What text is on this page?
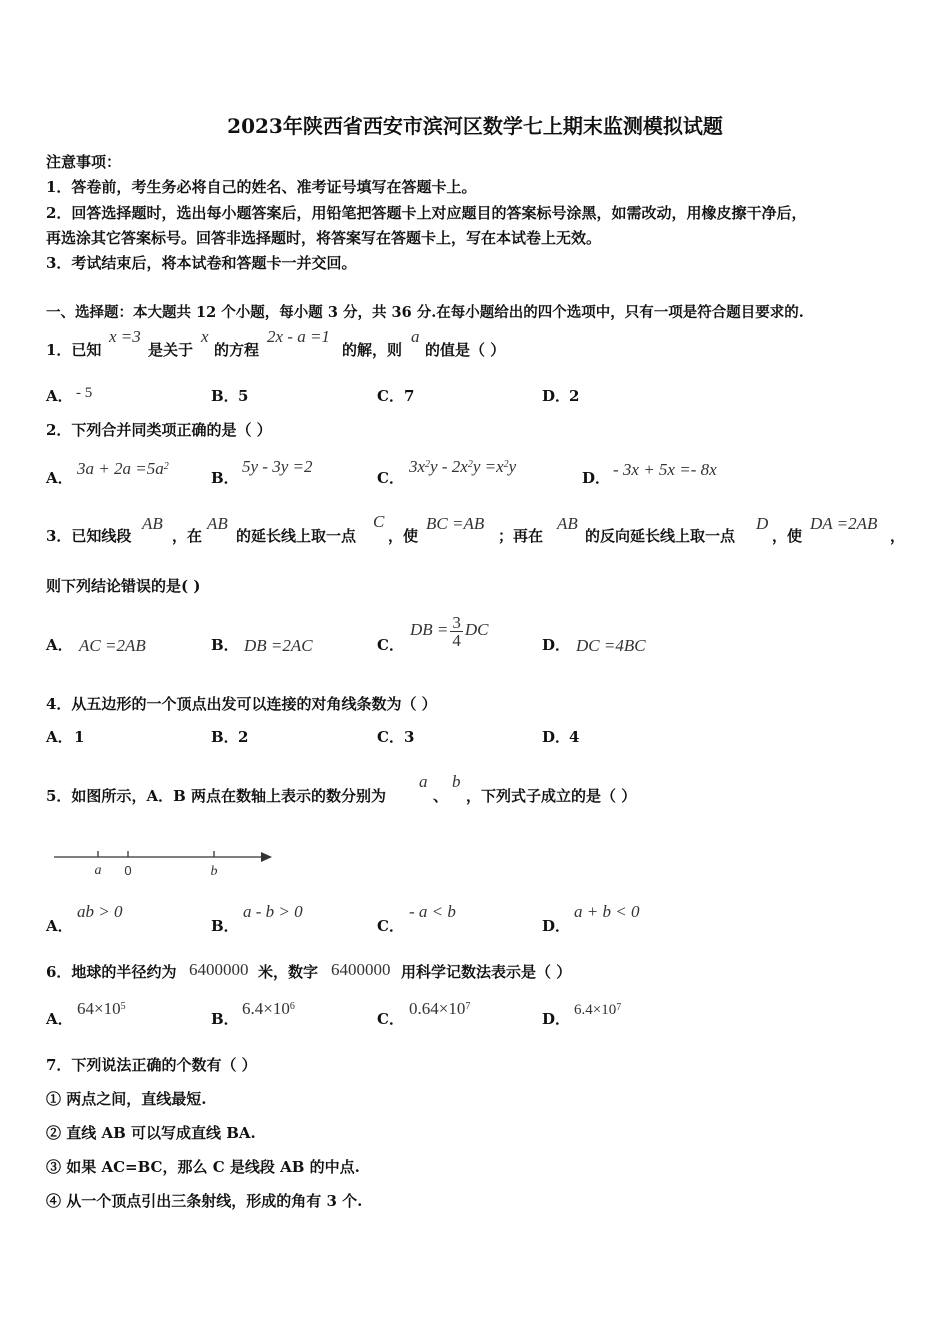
2023年陕西省西安市滨河区数学七上期末监测模拟试题
注意事项：
1．答卷前，考生务必将自己的姓名、准考证号填写在答题卡上。
2．回答选择题时，选出每小题答案后，用铅笔把答题卡上对应题目的答案标号涂黑，如需改动，用橡皮擦干净后，
再选涂其它答案标号。回答非选择题时，将答案写在答题卡上，写在本试卷上无效。
3．考试结束后，将本试卷和答题卡一并交回。
一、选择题：本大题共 12 个小题，每小题 3 分，共 36 分.在每小题给出的四个选项中，只有一项是符合题目要求的.
1．已知
x =3
是关于
x
的方程
2x - a =1
的解，则
a
的值是（ ）
A． - 5	B． 5	C． 7	D．
2
2．下列合并同类项正确的是（ ）
A． $3a + 2a =5a^2$
B．
5y - 3y =2
C．
$3x^2y - 2x^2y =x^2y$
D． - 3x + 5x =- 8x
3．已知线段
AB
，在
AB
的延长线上取一点
C
，使
BC =AB
；再在
AB
的反向延长线上取一点
D
，使
DA =2AB
，
则下列结论错误的是( )
A． AC =2AB	B． DB =2AC	C．
DB = $\frac{3}{4}$ DC
D． DC =4BC
4．从五边形的一个顶点出发可以连接的对角线条数为（ ）
A． 1	B． 2	C． 3	D．
4
5．如图所示，A．B 两点在数轴上表示的数分别为
a
、
b
，下列式子成立的是（ ）
a 0	b
A．
ab > 0
B．
a - b > 0
C．
- a < b
D．
a + b < 0
6．地球的半径约为 6400000 米，数字 6400000 用科学记数法表示是（ ）
A．
$64\times 10^5$
B．
$6.4\times 10^6$
C．
$0.64\times 10^7$
D． $6.4\times 10^7$
7．下列说法正确的个数有（ ）
① 两点之间，直线最短.
② 直线 AB 可以写成直线 BA.
③ 如果 AC=BC，那么 C 是线段 AB 的中点.
④ 从一个顶点引出三条射线，形成的角有 3 个.
